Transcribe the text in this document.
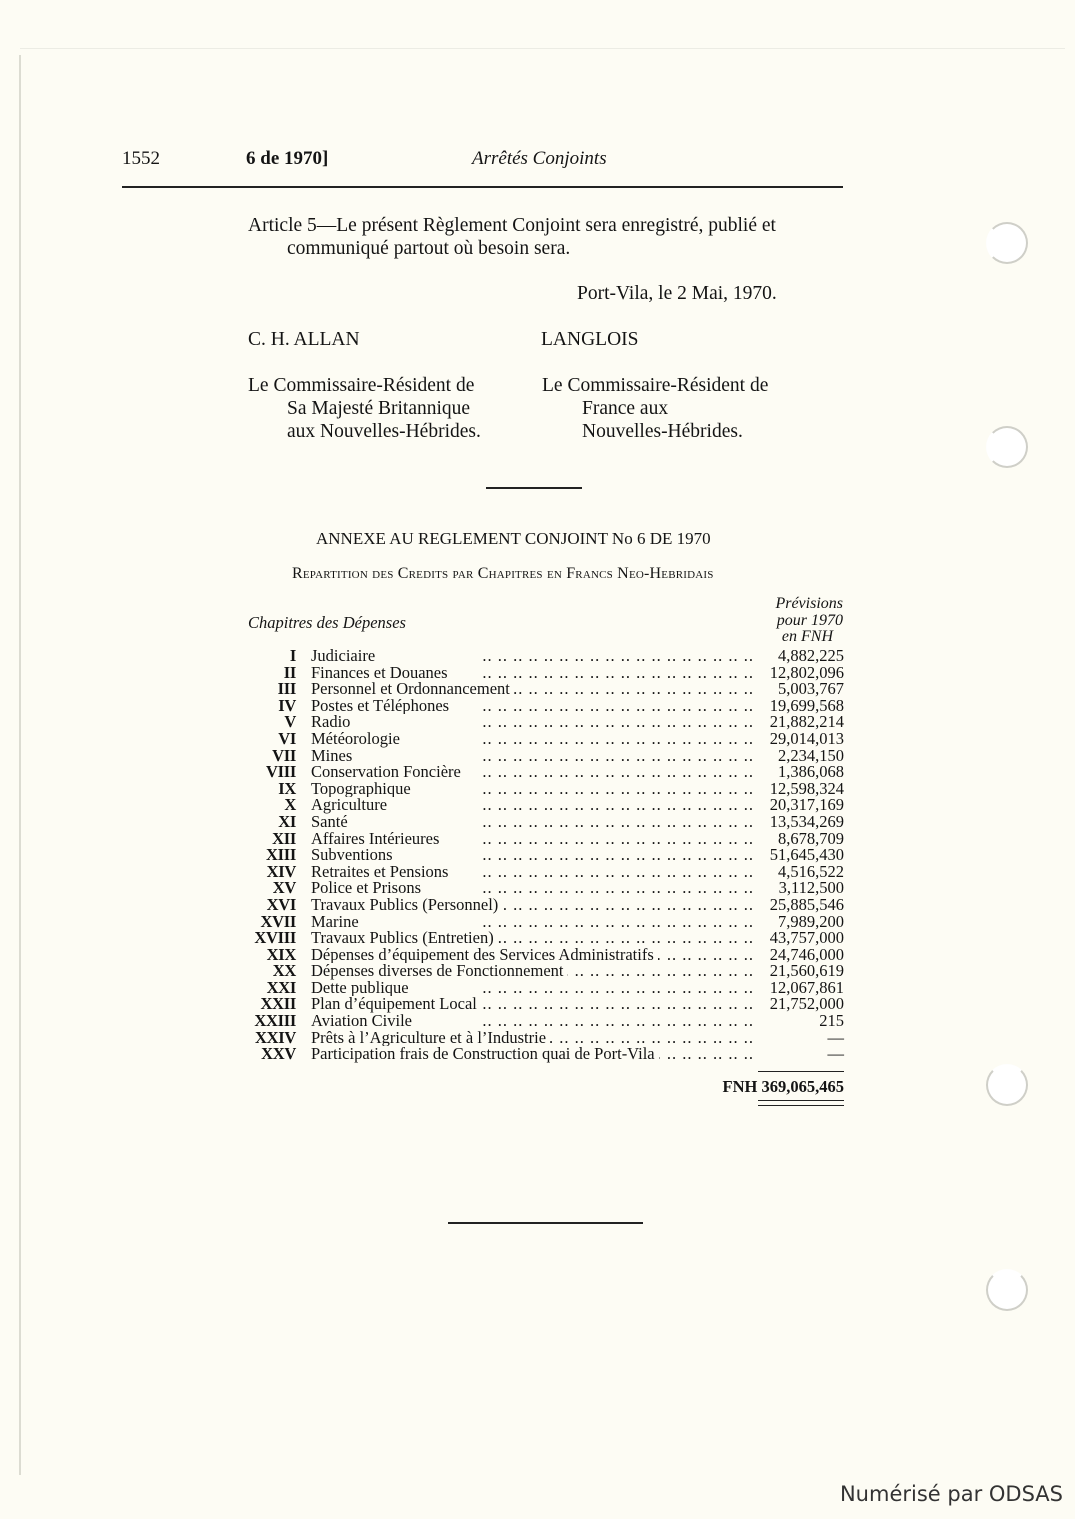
1552	6 de 1970]	Arrêtés Conjoints
Article 5—Le présent Règlement Conjoint sera enregistré, publié et
communiqué partout où besoin sera.
Port-Vila, le 2 Mai, 1970.
C. H. ALLAN
Le Commissaire-Résident de
Sa Majesté Britannique
aux Nouvelles-Hébrides.
LANGLOIS
Le Commissaire-Résident de
France aux
Nouvelles-Hébrides.
ANNEXE AU REGLEMENT CONJOINT No 6 DE 1970
Repartition des Credits par Chapitres en Francs Neo-Hebridais
Chapitres des Dépenses
Prévisions
pour 1970
en FNH
I Judiciaire .. .	4,882,225
II Finances et Douanes .. .	12,802,096
III Personnel et Ordonnancement .. .	5,003,767
IV Postes et Téléphones .. .	19,699,568
V Radio .. .	21,882,214
VI Météorologie .. .	29,014,013
VII Mines .. .	2,234,150
VIII Conservation Foncière .. .	1,386,068
IX Topographique .. .	12,598,324
X Agriculture .. .	20,317,169
XI Santé .. .	13,534,269
XII Affaires Intérieures .. .	8,678,709
XIII Subventions .. .	51,645,430
XIV Retraites et Pensions .. .	4,516,522
XV Police et Prisons .. .	3,112,500
XVI Travaux Publics (Personnel) .. .	25,885,546
XVII Marine .. .	7,989,200
XVIII Travaux Publics (Entretien) .. .	43,757,000
XIX Dépenses d’équipement des Services Administratifs .. .	24,746,000
XX Dépenses diverses de Fonctionnement .. .	21,560,619
XXI Dette publique .. .	12,067,861
XXII Plan d’équipement Local .. .	21,752,000
XXIII Aviation Civile .. .	215
XXIV Prêts à l’Agriculture et à l’Industrie .. .	—
XXV Participation frais de Construction quai de Port-Vila .. .	—
FNH 369,065,465
Numérisé par ODSAS
